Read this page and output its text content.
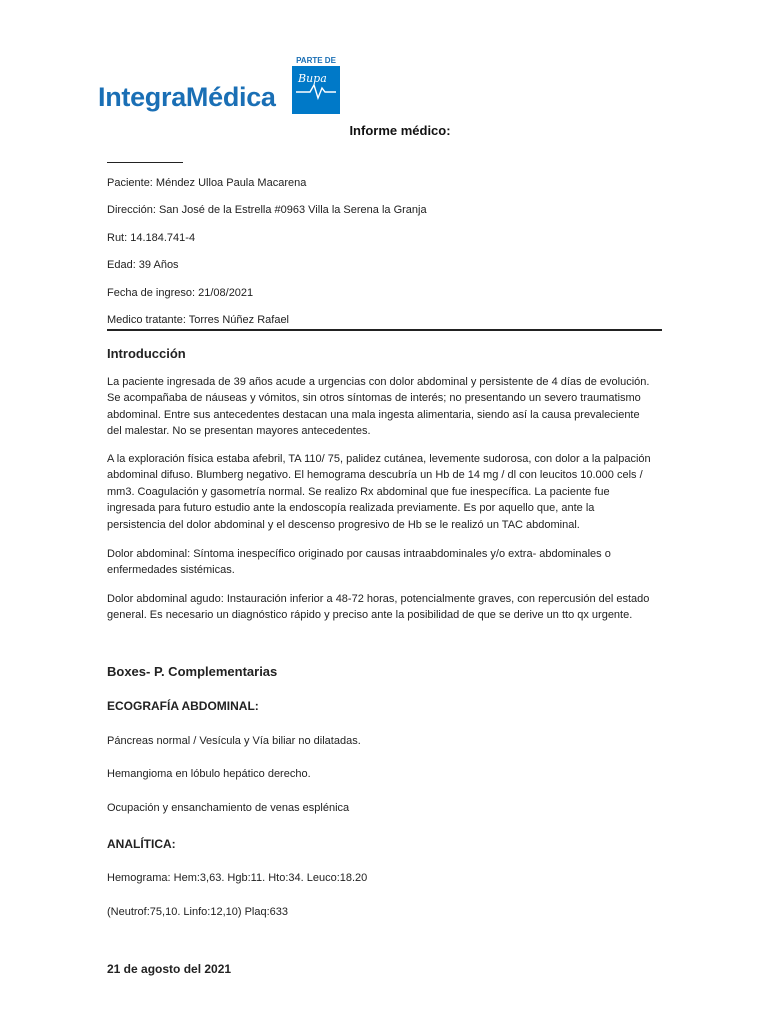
IntegraMédica
PARTE DE
Bupa
Informe médico:
Paciente: Méndez Ulloa Paula Macarena
Dirección: San José de la Estrella #0963 Villa la Serena la Granja
Rut: 14.184.741-4
Edad: 39 Años
Fecha de ingreso: 21/08/2021
Medico tratante: Torres Núñez Rafael
Introducción

La paciente ingresada de 39 años acude a urgencias con dolor abdominal y persistente de 4 días de evolución. Se acompañaba de náuseas y vómitos, sin otros síntomas de interés; no presentando un severo traumatismo abdominal. Entre sus antecedentes destacan una mala ingesta alimentaria, siendo así la causa prevaleciente del malestar. No se presentan mayores antecedentes.

A la exploración física estaba afebril, TA 110/ 75, palidez cutánea, levemente sudorosa, con dolor a la palpación abdominal difuso. Blumberg negativo. El hemograma descubría un Hb de 14 mg / dl con leucitos 10.000 cels / mm3. Coagulación y gasometría normal. Se realizo Rx abdominal que fue inespecífica. La paciente fue ingresada para futuro estudio ante la endoscopía realizada previamente. Es por aquello que, ante la persistencia del dolor abdominal y el descenso progresivo de Hb se le realizó un TAC abdominal.

Dolor abdominal: Síntoma inespecífico originado por causas intraabdominales y/o extra- abdominales o enfermedades sistémicas.

Dolor abdominal agudo: Instauración inferior a 48-72 horas, potencialmente graves, con repercusión del estado general. Es necesario un diagnóstico rápido y preciso ante la posibilidad de que se derive un tto qx urgente.

Boxes- P. Complementarias
ECOGRAFÍA ABDOMINAL:
Páncreas normal / Vesícula y Vía biliar no dilatadas.
Hemangioma en lóbulo hepático derecho.
Ocupación y ensanchamiento de venas esplénica
ANALÍTICA:
Hemograma: Hem:3,63. Hgb:11. Hto:34. Leuco:18.20
(Neutrof:75,10. Linfo:12,10) Plaq:633
21 de agosto del 2021
